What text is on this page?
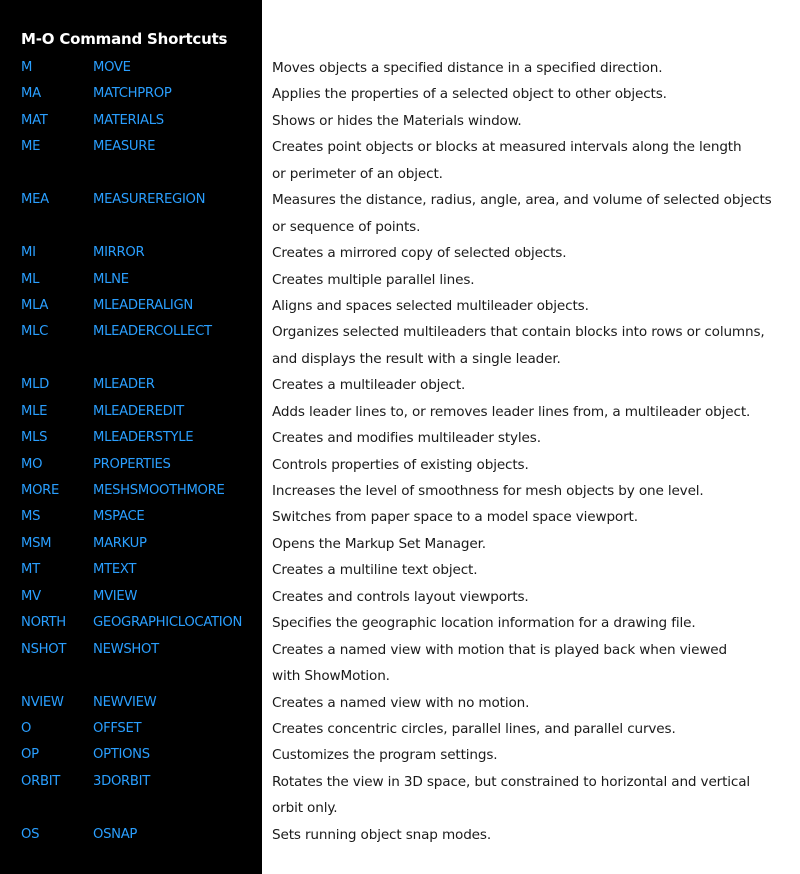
M-O Command Shortcuts
M	MOVE	Moves objects a specified distance in a specified direction.
MA	MATCHPROP	Applies the properties of a selected object to other objects.
MAT	MATERIALS	Shows or hides the Materials window.
ME	MEASURE	Creates point objects or blocks at measured intervals along the length
or perimeter of an object.
MEA	MEASUREREGION	Measures the distance, radius, angle, area, and volume of selected objects
or sequence of points.
MI	MIRROR	Creates a mirrored copy of selected objects.
ML	MLNE	Creates multiple parallel lines.
MLA	MLEADERALIGN	Aligns and spaces selected multileader objects.
MLC	MLEADERCOLLECT	Organizes selected multileaders that contain blocks into rows or columns,
and displays the result with a single leader.
MLD	MLEADER	Creates a multileader object.
MLE	MLEADEREDIT	Adds leader lines to, or removes leader lines from, a multileader object.
MLS	MLEADERSTYLE	Creates and modifies multileader styles.
MO	PROPERTIES	Controls properties of existing objects.
MORE	MESHSMOOTHMORE	Increases the level of smoothness for mesh objects by one level.
MS	MSPACE	Switches from paper space to a model space viewport.
MSM	MARKUP	Opens the Markup Set Manager.
MT	MTEXT	Creates a multiline text object.
MV	MVIEW	Creates and controls layout viewports.
NORTH GEOGRAPHICLOCATION Specifies the geographic location information for a drawing file.
NSHOT NEWSHOT	Creates a named view with motion that is played back when viewed
with ShowMotion.
NVIEW NEWVIEW	Creates a named view with no motion.
O	OFFSET	Creates concentric circles, parallel lines, and parallel curves.
OP	OPTIONS	Customizes the program settings.
ORBIT 3DORBIT	Rotates the view in 3D space, but constrained to horizontal and vertical
orbit only.
OS	OSNAP	Sets running object snap modes.
